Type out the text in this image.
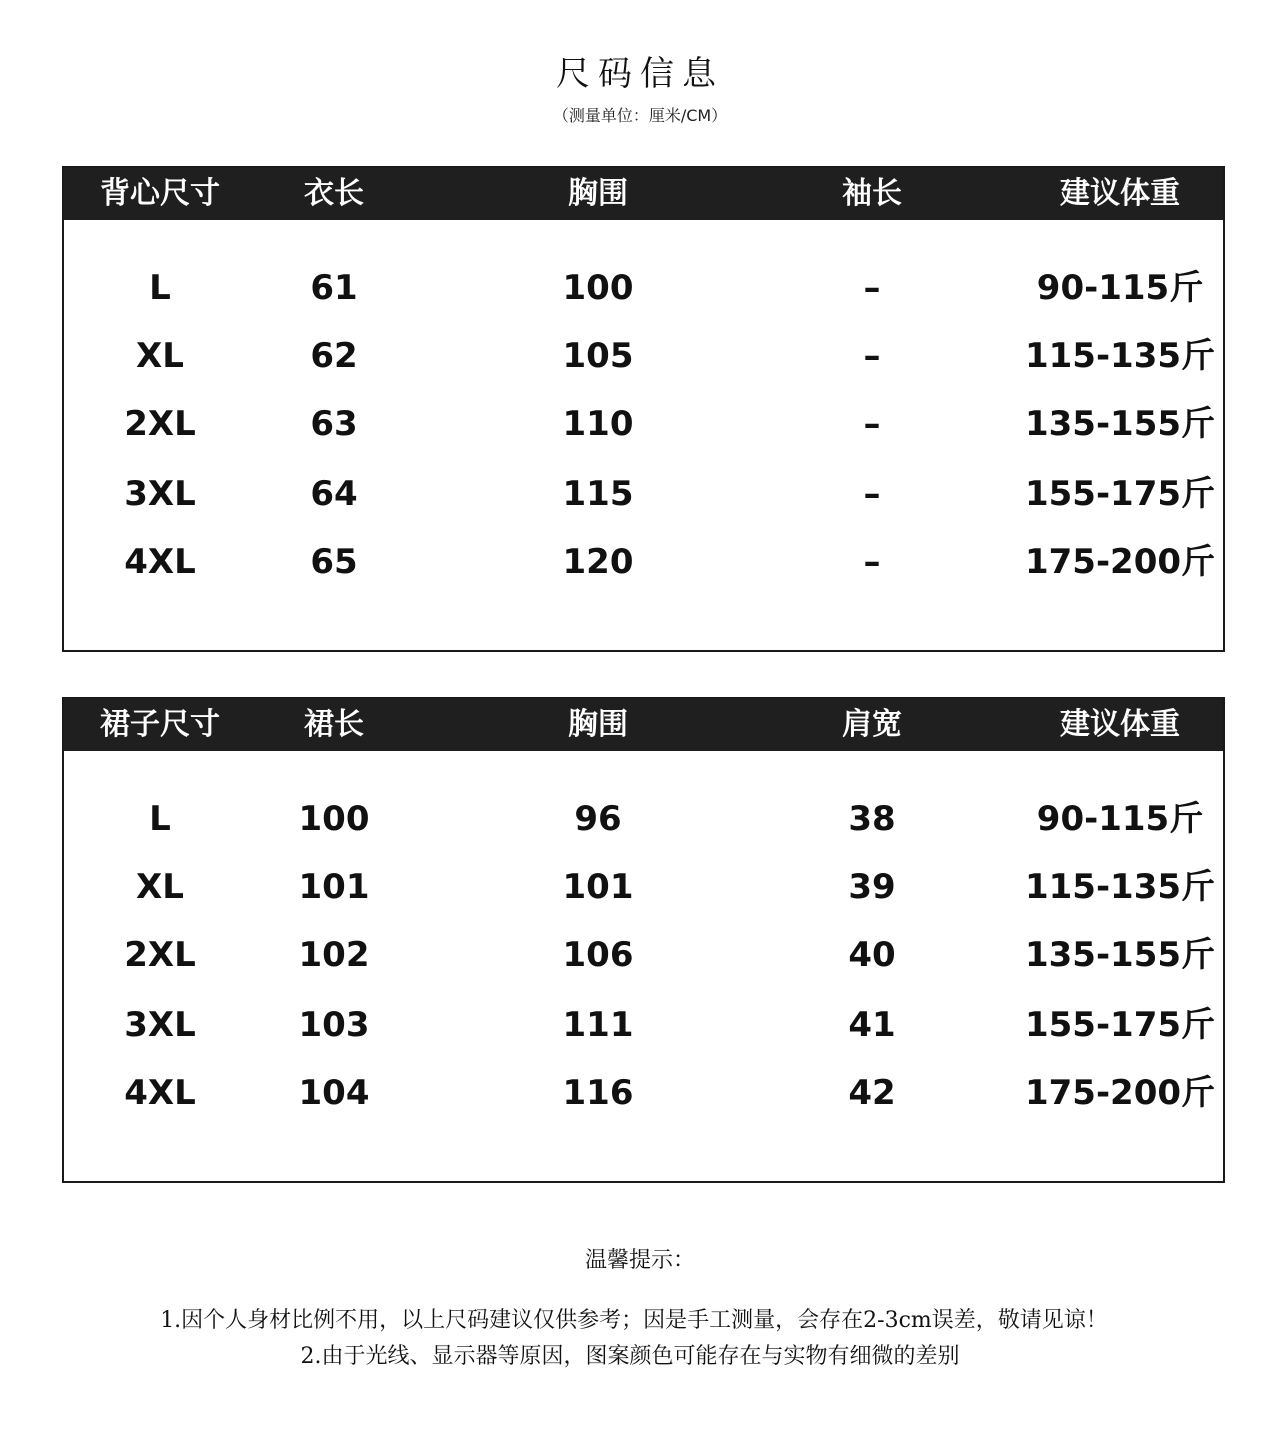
尺码信息
（测量单位：厘米/CM）
背心尺寸	衣长	胸围	袖长	建议体重
L	61	100	–	90-115斤
XL	62	105	–	115-135斤
2XL	63	110	–	135-155斤
3XL	64	115	–	155-175斤
4XL	65	120	–	175-200斤
裙子尺寸	裙长	胸围	肩宽	建议体重
L	100	96	38	90-115斤
XL	101	101	39	115-135斤
2XL	102	106	40	135-155斤
3XL	103	111	41	155-175斤
4XL	104	116	42	175-200斤
温馨提示：
1.因个人身材比例不用，以上尺码建议仅供参考；因是手工测量，会存在2-3cm误差，敬请见谅！
2.由于光线、显示器等原因，图案颜色可能存在与实物有细微的差别
